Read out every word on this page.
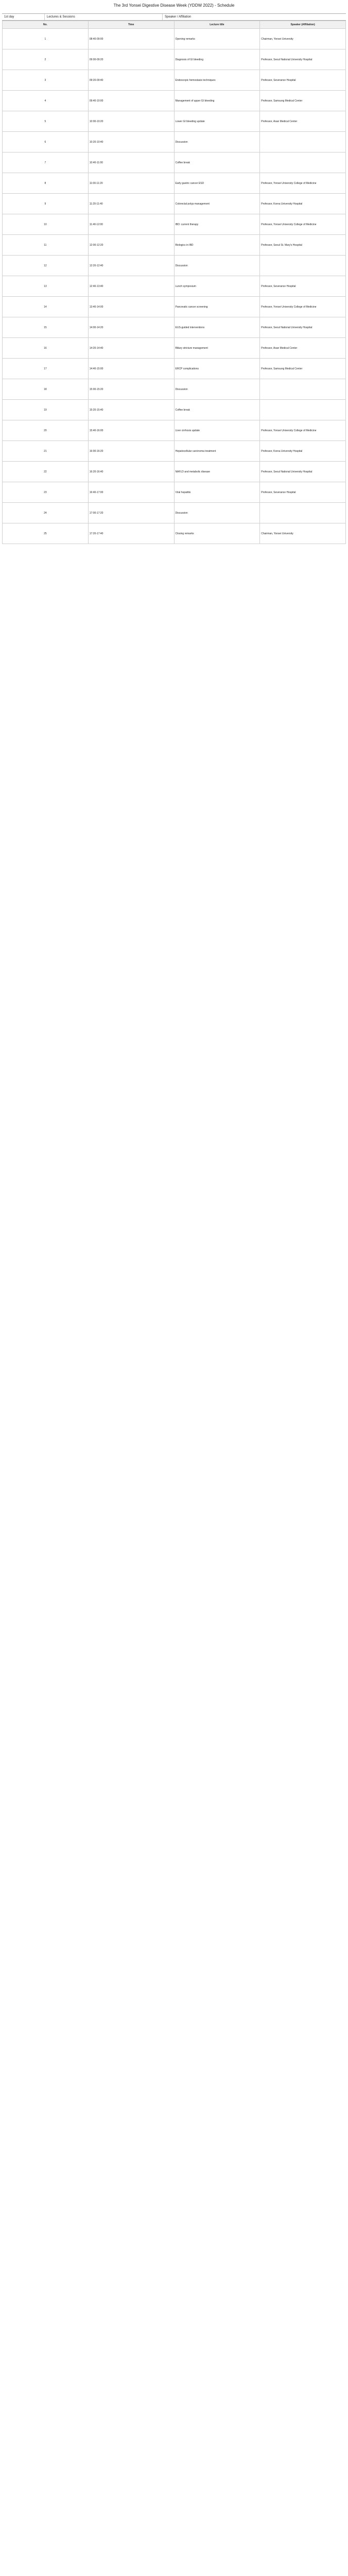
The 3rd Yonsei Digestive Disease Week (YDDW 2022) - Schedule
1st day	Lectures & Sessions	Speaker / Affiliation
No.	Time	Lecture title	Speaker (Affiliation)
1	08:40-09:00	Opening remarks	Chairman, Yonsei University
2	09:00-09:20	Diagnosis of GI bleeding	Professor, Seoul National University Hospital
3	09:20-09:40	Endoscopic hemostasis techniques	Professor, Severance Hospital
4	09:40-10:00	Management of upper GI bleeding	Professor, Samsung Medical Center
5	10:00-10:20	Lower GI bleeding update	Professor, Asan Medical Center
6	10:20-10:40	Discussion	
7	10:40-11:00	Coffee break	
8	11:00-11:20	Early gastric cancer ESD	Professor, Yonsei University College of Medicine
9	11:20-11:40	Colorectal polyp management	Professor, Korea University Hospital
10	11:40-12:00	IBD: current therapy	Professor, Yonsei University College of Medicine
11	12:00-12:20	Biologics in IBD	Professor, Seoul St. Mary's Hospital
12	12:20-12:40	Discussion	
13	12:40-13:40	Lunch symposium	Professor, Severance Hospital
14	13:40-14:00	Pancreatic cancer screening	Professor, Yonsei University College of Medicine
15	14:00-14:20	EUS-guided interventions	Professor, Seoul National University Hospital
16	14:20-14:40	Biliary stricture management	Professor, Asan Medical Center
17	14:40-15:00	ERCP complications	Professor, Samsung Medical Center
18	15:00-15:20	Discussion	
19	15:20-15:40	Coffee break	
20	15:40-16:00	Liver cirrhosis update	Professor, Yonsei University College of Medicine
21	16:00-16:20	Hepatocellular carcinoma treatment	Professor, Korea University Hospital
22	16:20-16:40	NAFLD and metabolic disease	Professor, Seoul National University Hospital
23	16:40-17:00	Viral hepatitis	Professor, Severance Hospital
24	17:00-17:20	Discussion	
25	17:20-17:40	Closing remarks	Chairman, Yonsei University
